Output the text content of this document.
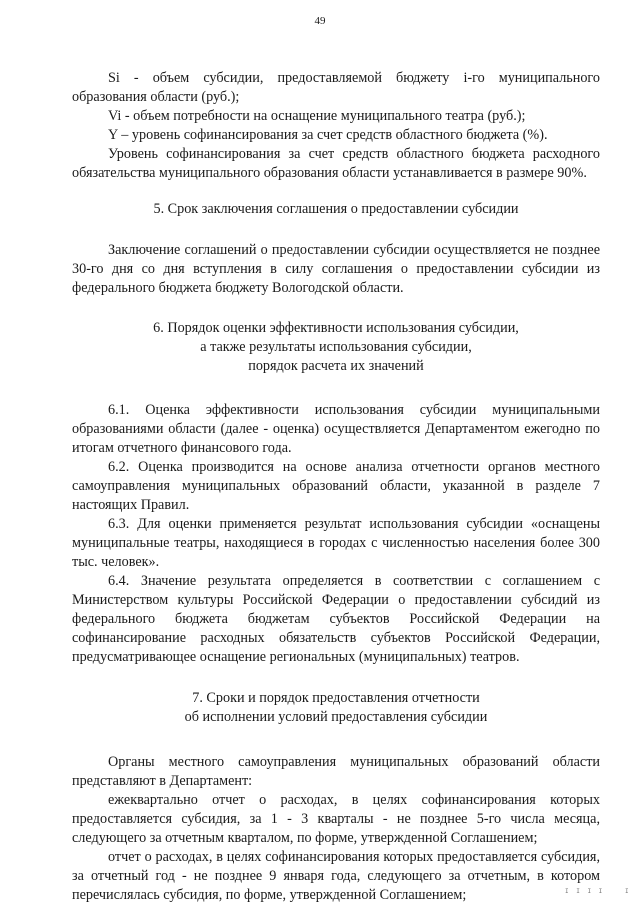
49

Si - объем субсидии, предоставляемой бюджету i-го муниципального образования области (руб.);

Vi - объем потребности на оснащение муниципального театра (руб.);

Y – уровень софинансирования за счет средств областного бюджета (%).

Уровень софинансирования за счет средств областного бюджета расходного обязательства муниципального образования области устанавливается в размере 90%.

5. Срок заключения соглашения о предоставлении субсидии

Заключение соглашений о предоставлении субсидии осуществляется не позднее 30-го дня со дня вступления в силу соглашения о предоставлении субсидии из федерального бюджета бюджету Вологодской области.

6. Порядок оценки эффективности использования субсидии,

а также результаты использования субсидии,

порядок расчета их значений

6.1. Оценка эффективности использования субсидии муниципальными образованиями области (далее - оценка) осуществляется Департаментом ежегодно по итогам отчетного финансового года.

6.2. Оценка производится на основе анализа отчетности органов местного самоуправления муниципальных образований области, указанной в разделе 7 настоящих Правил.

6.3. Для оценки применяется результат использования субсидии «оснащены муниципальные театры, находящиеся в городах с численностью населения более 300 тыс. человек».

6.4. Значение результата определяется в соответствии с соглашением с Министерством культуры Российской Федерации о предоставлении субсидий из федерального бюджета бюджетам субъектов Российской Федерации на софинансирование расходных обязательств субъектов Российской Федерации, предусматривающее оснащение региональных (муниципальных) театров.

7. Сроки и порядок предоставления отчетности

об исполнении условий предоставления субсидии

Органы местного самоуправления муниципальных образований области представляют в Департамент:

ежеквартально отчет о расходах, в целях софинансирования которых предоставляется субсидия, за 1 - 3 кварталы - не позднее 5-го числа месяца, следующего за отчетным кварталом, по форме, утвержденной Соглашением;

отчет о расходах, в целях софинансирования которых предоставляется субсидия, за отчетный год - не позднее 9 января года, следующего за отчетным, в котором перечислялась субсидия, по форме, утвержденной Соглашением;	I I I I	I
